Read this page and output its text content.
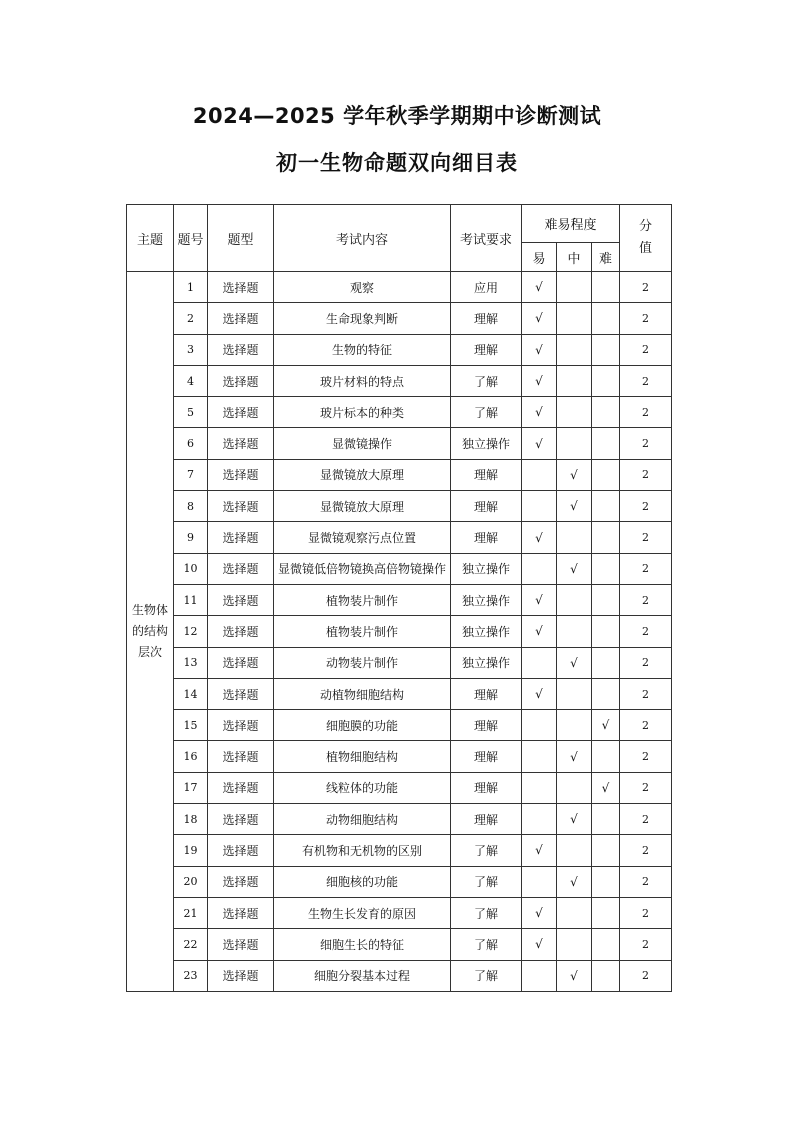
2024—2025 学年秋季学期期中诊断测试
初一生物命题双向细目表
主题	题号	题型	考试内容	考试要求	难易程度			分值
					易	中	难	
生物体的结构层次	1	选择题	观察	应用	√			2
	2	选择题	生命现象判断	理解	√			2
	3	选择题	生物的特征	理解	√			2
	4	选择题	玻片材料的特点	了解	√			2
	5	选择题	玻片标本的种类	了解	√			2
	6	选择题	显微镜操作	独立操作	√			2
	7	选择题	显微镜放大原理	理解		√		2
	8	选择题	显微镜放大原理	理解		√		2
	9	选择题	显微镜观察污点位置	理解	√			2
	10	选择题	显微镜低倍物镜换高倍物镜操作	独立操作		√		2
	11	选择题	植物装片制作	独立操作	√			2
	12	选择题	植物装片制作	独立操作	√			2
	13	选择题	动物装片制作	独立操作		√		2
	14	选择题	动植物细胞结构	理解	√			2
	15	选择题	细胞膜的功能	理解			√	2
	16	选择题	植物细胞结构	理解		√		2
	17	选择题	线粒体的功能	理解			√	2
	18	选择题	动物细胞结构	理解		√		2
	19	选择题	有机物和无机物的区别	了解	√			2
	20	选择题	细胞核的功能	了解		√		2
	21	选择题	生物生长发育的原因	了解	√			2
	22	选择题	细胞生长的特征	了解	√			2
	23	选择题	细胞分裂基本过程	了解		√		2
